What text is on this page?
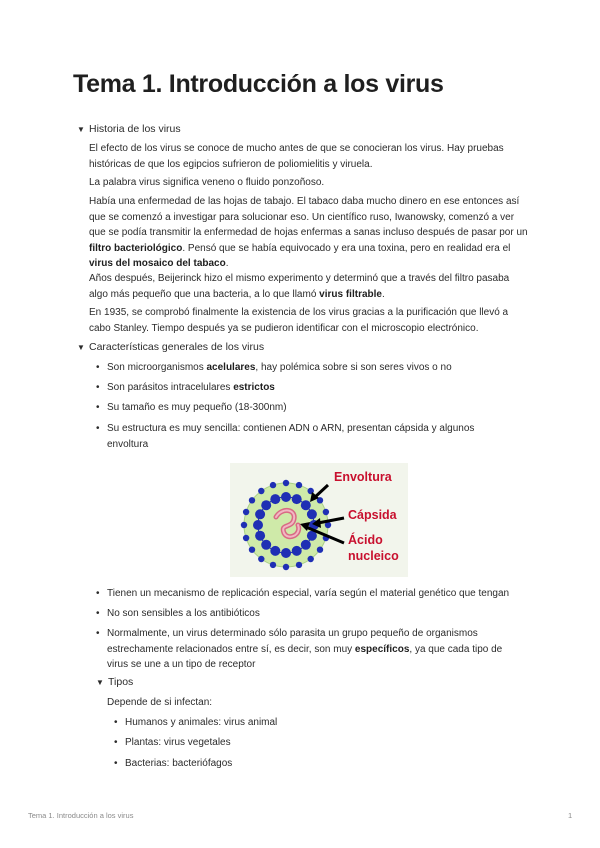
Tema 1. Introducción a los virus
▼ Historia de los virus

El efecto de los virus se conoce de mucho antes de que se conocieran los virus. Hay pruebas históricas de que los egipcios sufrieron de poliomielitis y viruela.

La palabra virus significa veneno o fluido ponzoñoso.

Había una enfermedad de las hojas de tabajo. El tabaco daba mucho dinero en ese entonces así que se comenzó a investigar para solucionar eso. Un científico ruso, Iwanowsky, comenzó a ver que se podía transmitir la enfermedad de hojas enfermas a sanas incluso después de pasar por un filtro bacteriológico. Pensó que se había equivocado y era una toxina, pero en realidad era el virus del mosaico del tabaco.

Años después, Beijerinck hizo el mismo experimento y determinó que a través del filtro pasaba algo más pequeño que una bacteria, a lo que llamó virus filtrable.

En 1935, se comprobó finalmente la existencia de los virus gracias a la purificación que llevó a cabo Stanley. Tiempo después ya se pudieron identificar con el microscopio electrónico.

▼ Características generales de los virus
• Son microorganismos acelulares, hay polémica sobre si son seres vivos o no
• Son parásitos intracelulares estrictos
• Su tamaño es muy pequeño (18-300nm)
• Su estructura es muy sencilla: contienen ADN o ARN, presentan cápsida y algunos envoltura
Envoltura
Cápsida
Ácido
nucleico
• Tienen un mecanismo de replicación especial, varía según el material genético que tengan
• No son sensibles a los antibióticos
• Normalmente, un virus determinado sólo parasita un grupo pequeño de organismos estrechamente relacionados entre sí, es decir, son muy específicos, ya que cada tipo de virus se une a un tipo de receptor
▼ Tipos

Depende de si infectan:

• Humanos y animales: virus animal
• Plantas: virus vegetales
• Bacterias: bacteriófagos
Tema 1. Introducción a los virus	1
